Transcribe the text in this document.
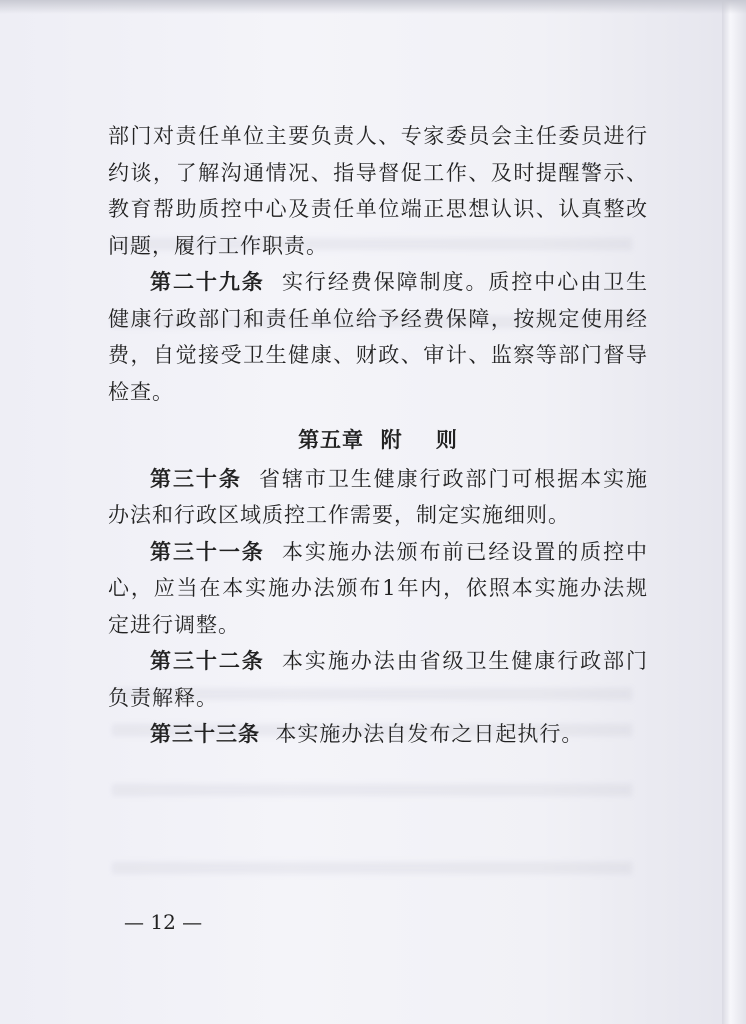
部门对责任单位主要负责人、专家委员会主任委员进行约谈，了解沟通情况、指导督促工作、及时提醒警示、教育帮助质控中心及责任单位端正思想认识、认真整改问题，履行工作职责。

第二十九条 实行经费保障制度。质控中心由卫生健康行政部门和责任单位给予经费保障，按规定使用经费，自觉接受卫生健康、财政、审计、监察等部门督导检查。

第五章  附    则

第三十条 省辖市卫生健康行政部门可根据本实施办法和行政区域质控工作需要，制定实施细则。

第三十一条 本实施办法颁布前已经设置的质控中心，应当在本实施办法颁布1年内，依照本实施办法规定进行调整。

第三十二条 本实施办法由省级卫生健康行政部门负责解释。

第三十三条 本实施办法自发布之日起执行。

— 12 —
